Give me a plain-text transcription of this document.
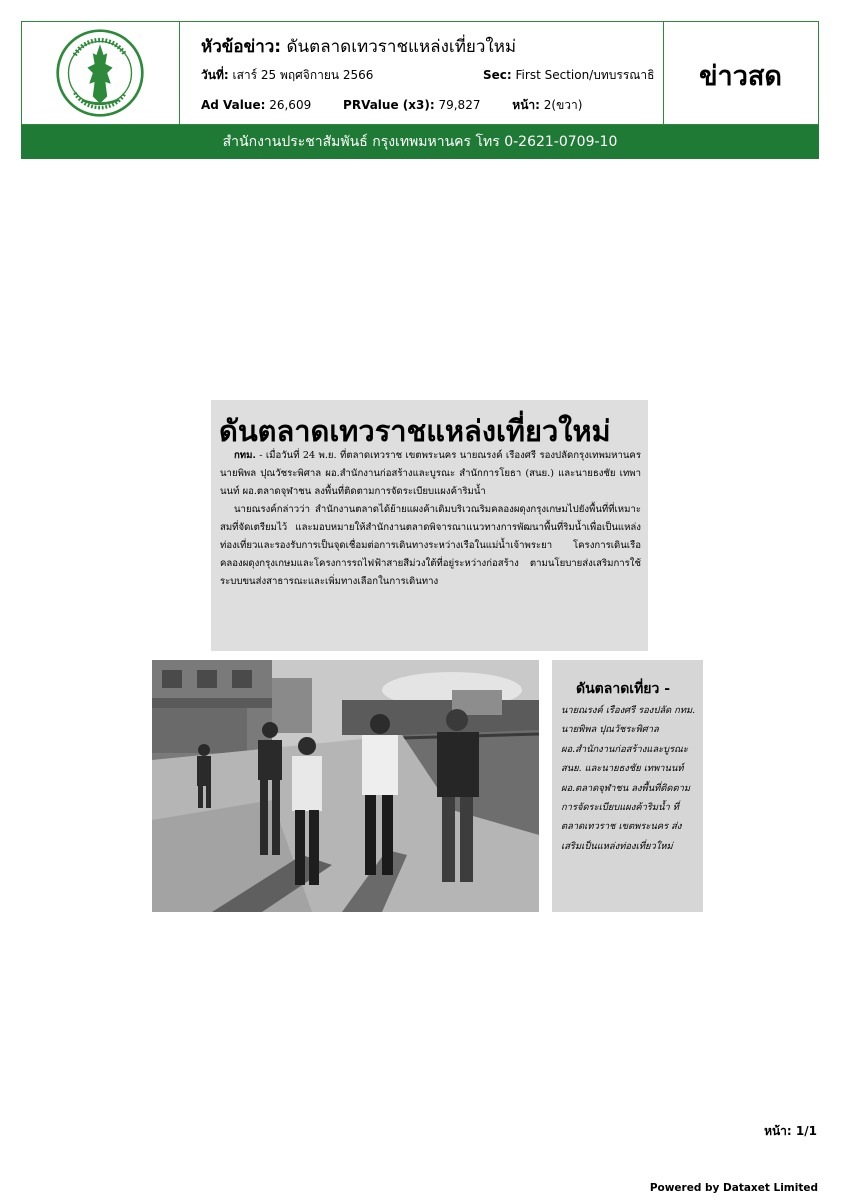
หัวข้อข่าว: ดันตลาดเทวราชแหล่งเที่ยวใหม่
วันที่: เสาร์ 25 พฤศจิกายน 2566	Sec: First Section/บทบรรณาธิ
Ad Value: 26,609	PRValue (x3): 79,827	หน้า: 2(ขวา)
ข่าวสด
สำนักงานประชาสัมพันธ์ กรุงเทพมหานคร โทร 0-2621-0709-10
ดันตลาดเทวราชแหล่งเที่ยวใหม่

กทม. - เมื่อวันที่ 24 พ.ย. ที่ตลาดเทวราช เขตพระนคร นายณรงค์ เรืองศรี รองปลัดกรุงเทพมหานคร นายพิพล ปุณวัชระพิศาล ผอ.สำนักงานก่อสร้างและบูรณะ สำนักการโยธา (สนย.) และนายธงชัย เทพานนท์ ผอ.ตลาดจุฬาชน ลงพื้นที่ติดตามการจัดระเบียบแผงค้าริมน้ำ

นายณรงค์กล่าวว่า สำนักงานตลาดได้ย้ายแผงค้าเดิมบริเวณริมคลองผดุงกรุงเกษมไปยังพื้นที่ที่เหมาะสมที่จัดเตรียมไว้ และมอบหมายให้สำนักงานตลาดพิจารณาแนวทางการพัฒนาพื้นที่ริมน้ำเพื่อเป็นแหล่งท่องเที่ยวและรองรับการเป็นจุดเชื่อมต่อการเดินทางระหว่างเรือในแม่น้ำเจ้าพระยา โครงการเดินเรือคลองผดุงกรุงเกษมและโครงการรถไฟฟ้าสายสีม่วงใต้ที่อยู่ระหว่างก่อสร้าง ตามนโยบายส่งเสริมการใช้ระบบขนส่งสาธารณะและเพิ่มทางเลือกในการเดินทาง

ดันตลาดเที่ยว -
นายณรงค์ เรืองศรี รองปลัด กทม. นายพิพล ปุณวัชระพิศาล ผอ.สำนักงานก่อสร้างและบูรณะ สนย. และนายธงชัย เทพานนท์ ผอ.ตลาดจุฬาชน ลงพื้นที่ติดตามการจัดระเบียบแผงค้าริมน้ำ ที่ตลาดเทวราช เขตพระนคร ส่งเสริมเป็นแหล่งท่องเที่ยวใหม่
หน้า: 1/1
Powered by Dataxet Limited
